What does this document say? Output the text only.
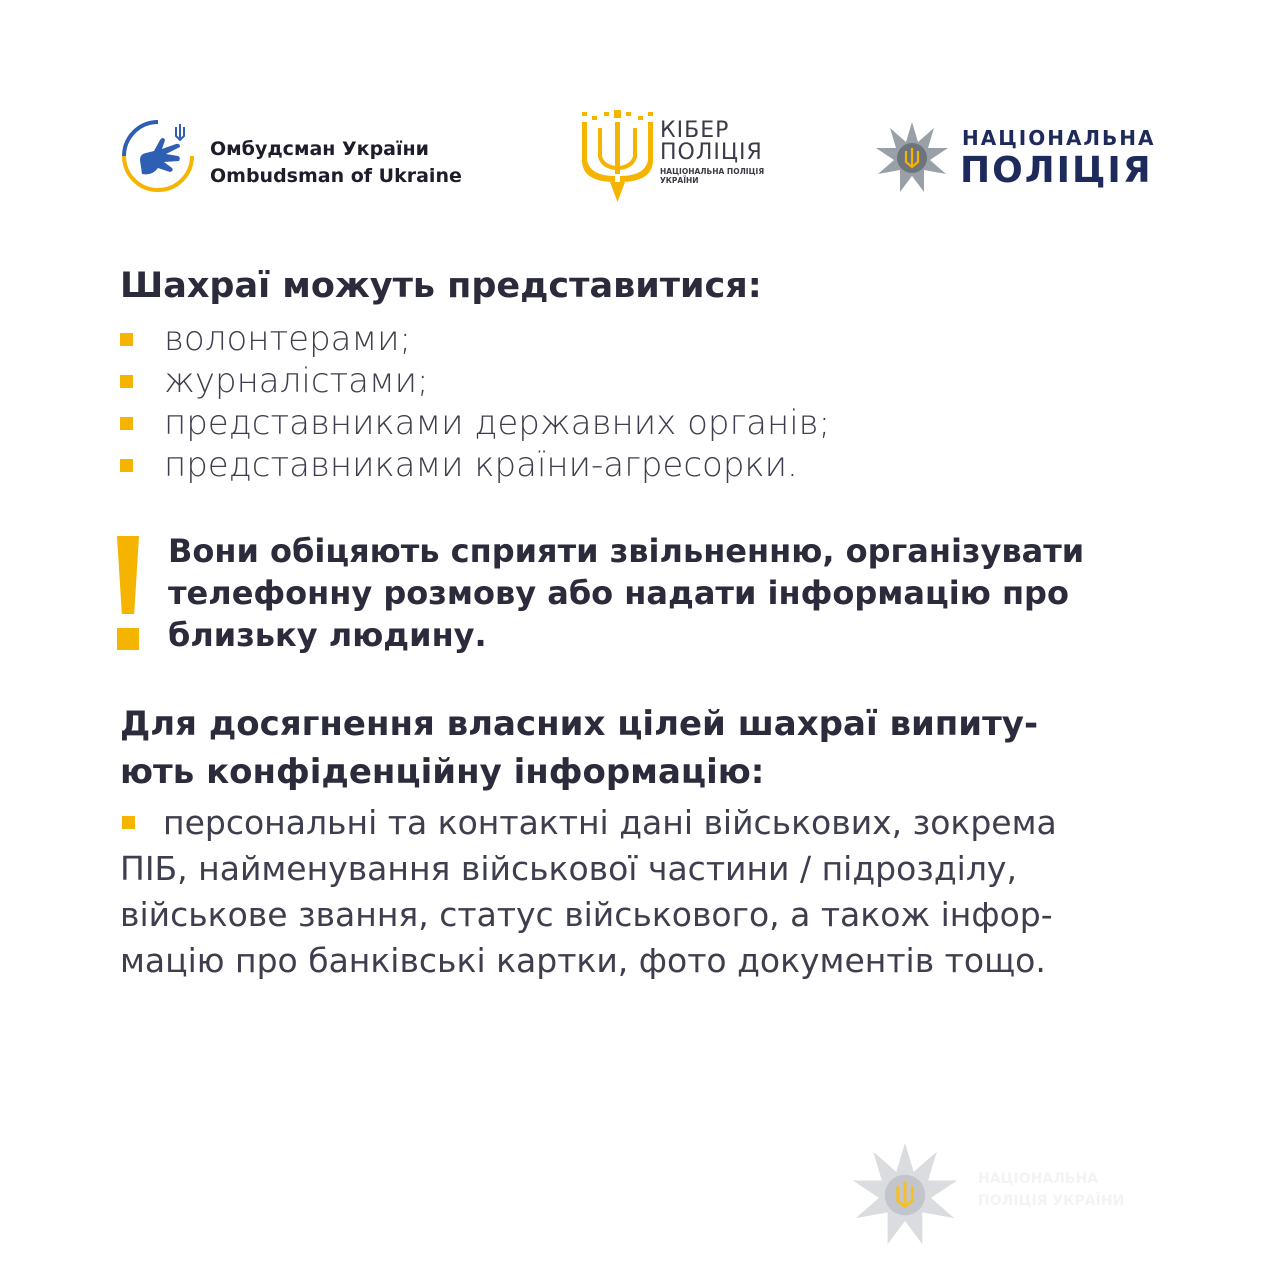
Омбудсман України
Ombudsman of Ukraine
КІБЕР
ПОЛІЦІЯ
НАЦІОНАЛЬНА ПОЛІЦІЯ
УКРАЇНИ
НАЦІОНАЛЬНА
ПОЛІЦІЯ
Шахраї можуть представитися:
волонтерами;
журналістами;
представниками державних органів;
представниками країни-агресорки.
Вони обіцяють сприяти звільненню, організувати
телефонну розмову або надати інформацію про
близьку людину.
Для досягнення власних цілей шахраї випиту-
ють конфіденційну інформацію:
персональні та контактні дані військових, зокрема
ПІБ, найменування військової частини / підрозділу,
військове звання, статус військового, а також інфор-
мацію про банківські картки, фото документів тощо.
НАЦІОНАЛЬНА
ПОЛІЦІЯ УКРАЇНИ
